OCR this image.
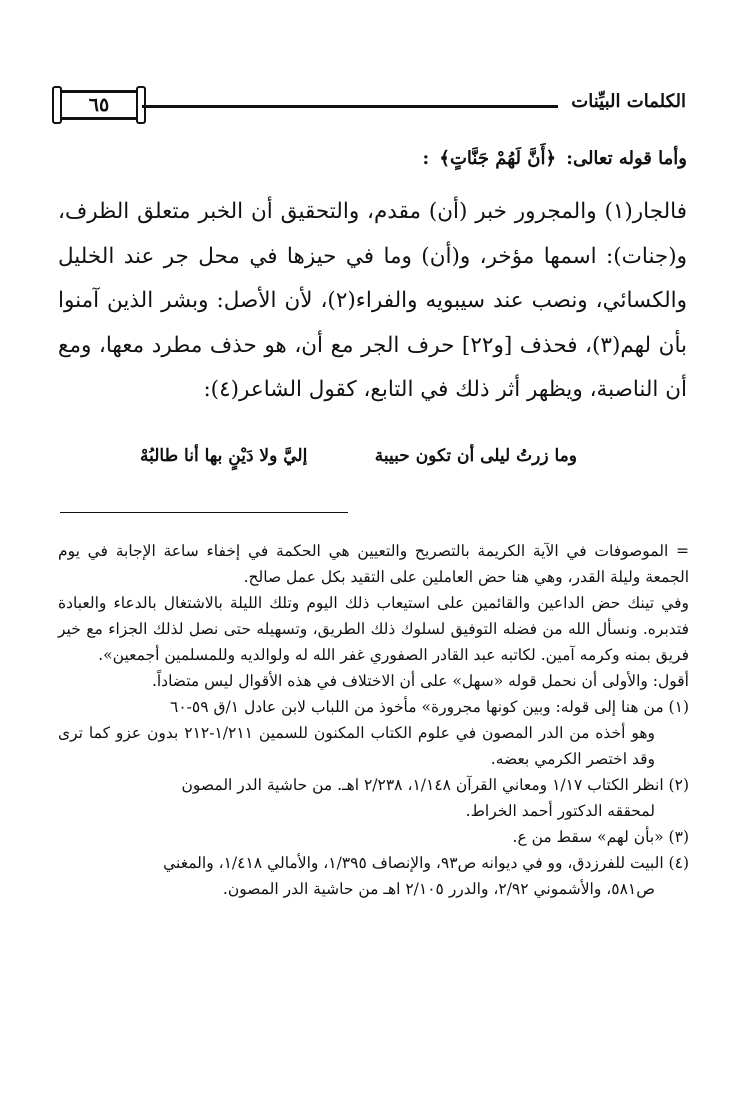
٦٥	الكلمات البيِّنات
وأما قوله تعالى: ﴿أَنَّ لَهُمْ جَنَّاتٍ﴾ :

فالجار(١) والمجرور خبر (أن) مقدم، والتحقيق أن الخبر متعلق الظرف، و(جنات): اسمها مؤخر، و(أن) وما في حيزها في محل جر عند الخليل والكسائي، ونصب عند سيبويه والفراء(٢)، لأن الأصل: وبشر الذين آمنوا بأن لهم(٣)، فحذف [و٢٢] حرف الجر مع أن، هو حذف مطرد معها، ومع أن الناصبة، ويظهر أثر ذلك في التابع، كقول الشاعر(٤):

وما زرتُ ليلى أن تكون حبيبة
إليَّ ولا دَيْنٍ بها أنا طالبُهْ

= الموصوفات في الآية الكريمة بالتصريح والتعيين هي الحكمة في إخفاء ساعة الإجابة في يوم الجمعة وليلة القدر، وهي هنا حض العاملين على التقيد بكل عمل صالح.

وفي تينك حض الداعين والقائمين على استيعاب ذلك اليوم وتلك الليلة بالاشتغال بالدعاء والعبادة فتدبره. ونسأل الله من فضله التوفيق لسلوك ذلك الطريق، وتسهيله حتى نصل لذلك الجزاء مع خير فريق بمنه وكرمه آمين. لكاتبه عبد القادر الصفوري غفر الله له ولوالديه وللمسلمين أجمعين».

أقول: والأولى أن نحمل قوله «سهل» على أن الاختلاف في هذه الأقوال ليس متضاداً.

(١) من هنا إلى قوله: وبين كونها مجرورة» مأخوذ من اللباب لابن عادل ١/ق ٥٩-٦٠

وهو أخذه من الدر المصون في علوم الكتاب المكنون للسمين ١/٢١١-٢١٢ بدون عزو كما ترى وقد اختصر الكرمي بعضه.

(٢) انظر الكتاب ١/١٧ ومعاني القرآن ١/١٤٨، ٢/٢٣٨ اهـ. من حاشية الدر المصون

لمحققه الدكتور أحمد الخراط.

(٣) «بأن لهم» سقط من ع.

(٤) البيت للفرزدق، وو في ديوانه ص٩٣، والإنصاف ١/٣٩٥، والأمالي ١/٤١٨، والمغني

ص٥٨١، والأشموني ٢/٩٢، والدرر ٢/١٠٥ اهـ من حاشية الدر المصون.
